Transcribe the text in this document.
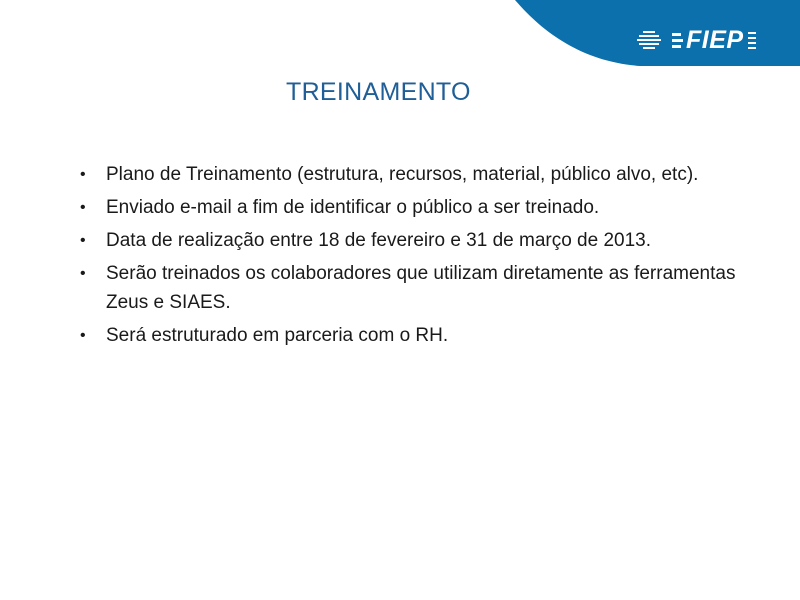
FIEP
TREINAMENTO
• Plano de Treinamento (estrutura, recursos, material, público alvo, etc).
• Enviado e-mail a fim de identificar o público a ser treinado.
• Data de realização entre 18 de fevereiro e 31 de março de 2013.
• Serão treinados os colaboradores que utilizam diretamente as ferramentas Zeus e SIAES.
• Será estruturado em parceria com o RH.
